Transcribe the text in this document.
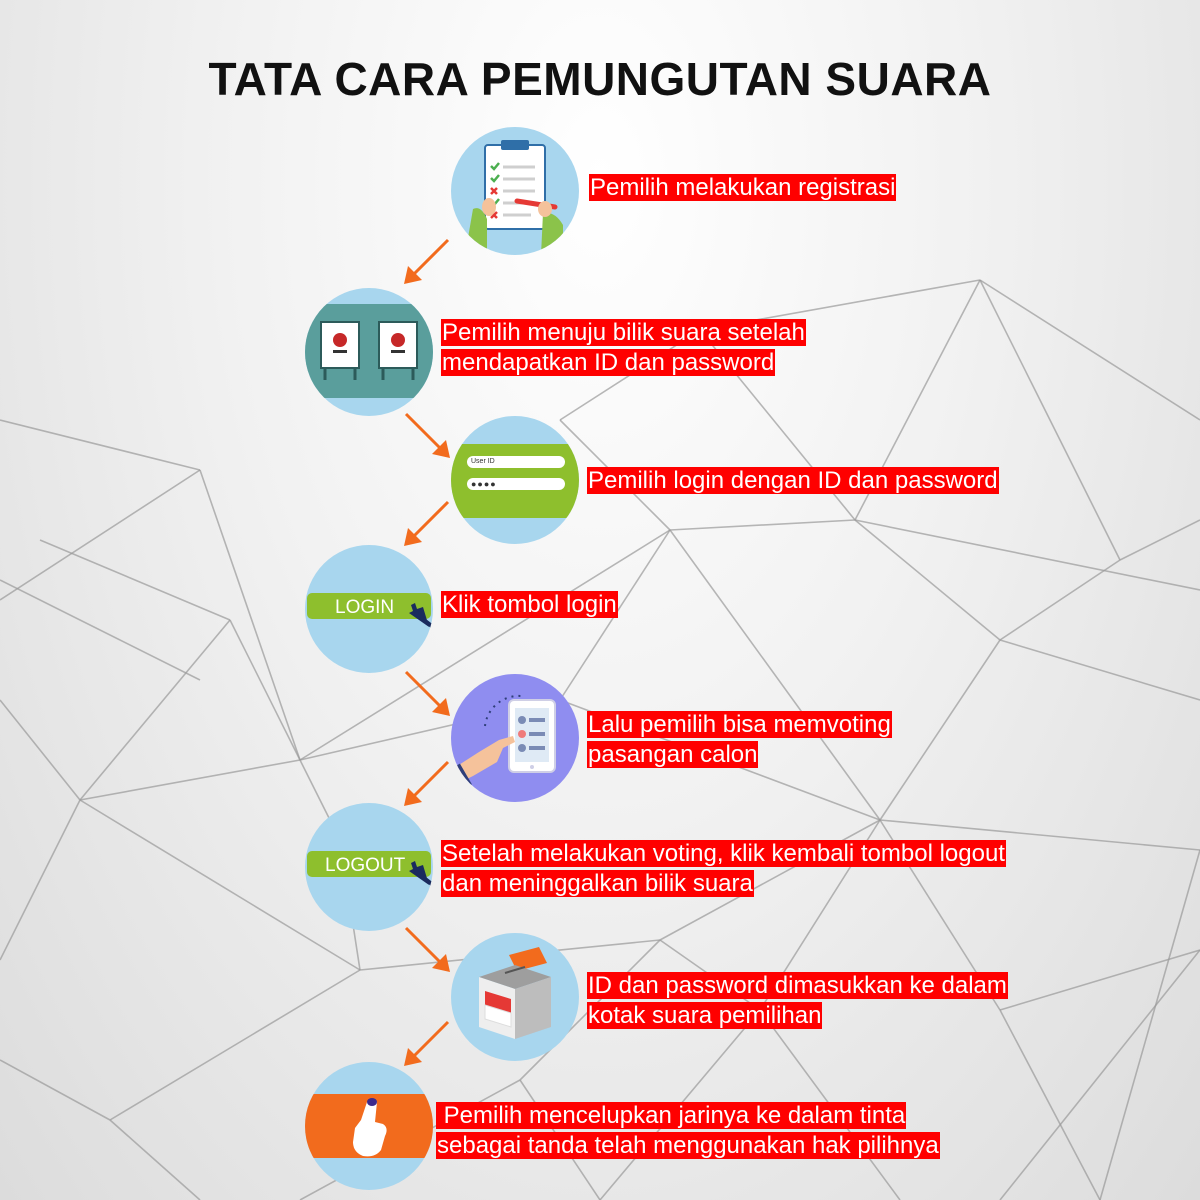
TATA CARA PEMUNGUTAN SUARA
Pemilih melakukan registrasi
Pemilih menuju bilik suara setelah
mendapatkan ID dan password
User ID
●●●●	Pemilih login dengan ID dan password
LOGIN Klik tombol login
Lalu pemilih bisa memvoting
pasangan calon
LOGOUT Setelah melakukan voting, klik kembali tombol logout
dan meninggalkan bilik suara
ID dan password dimasukkan ke dalam
kotak suara pemilihan
Pemilih mencelupkan jarinya ke dalam tinta
sebagai tanda telah menggunakan hak pilihnya
